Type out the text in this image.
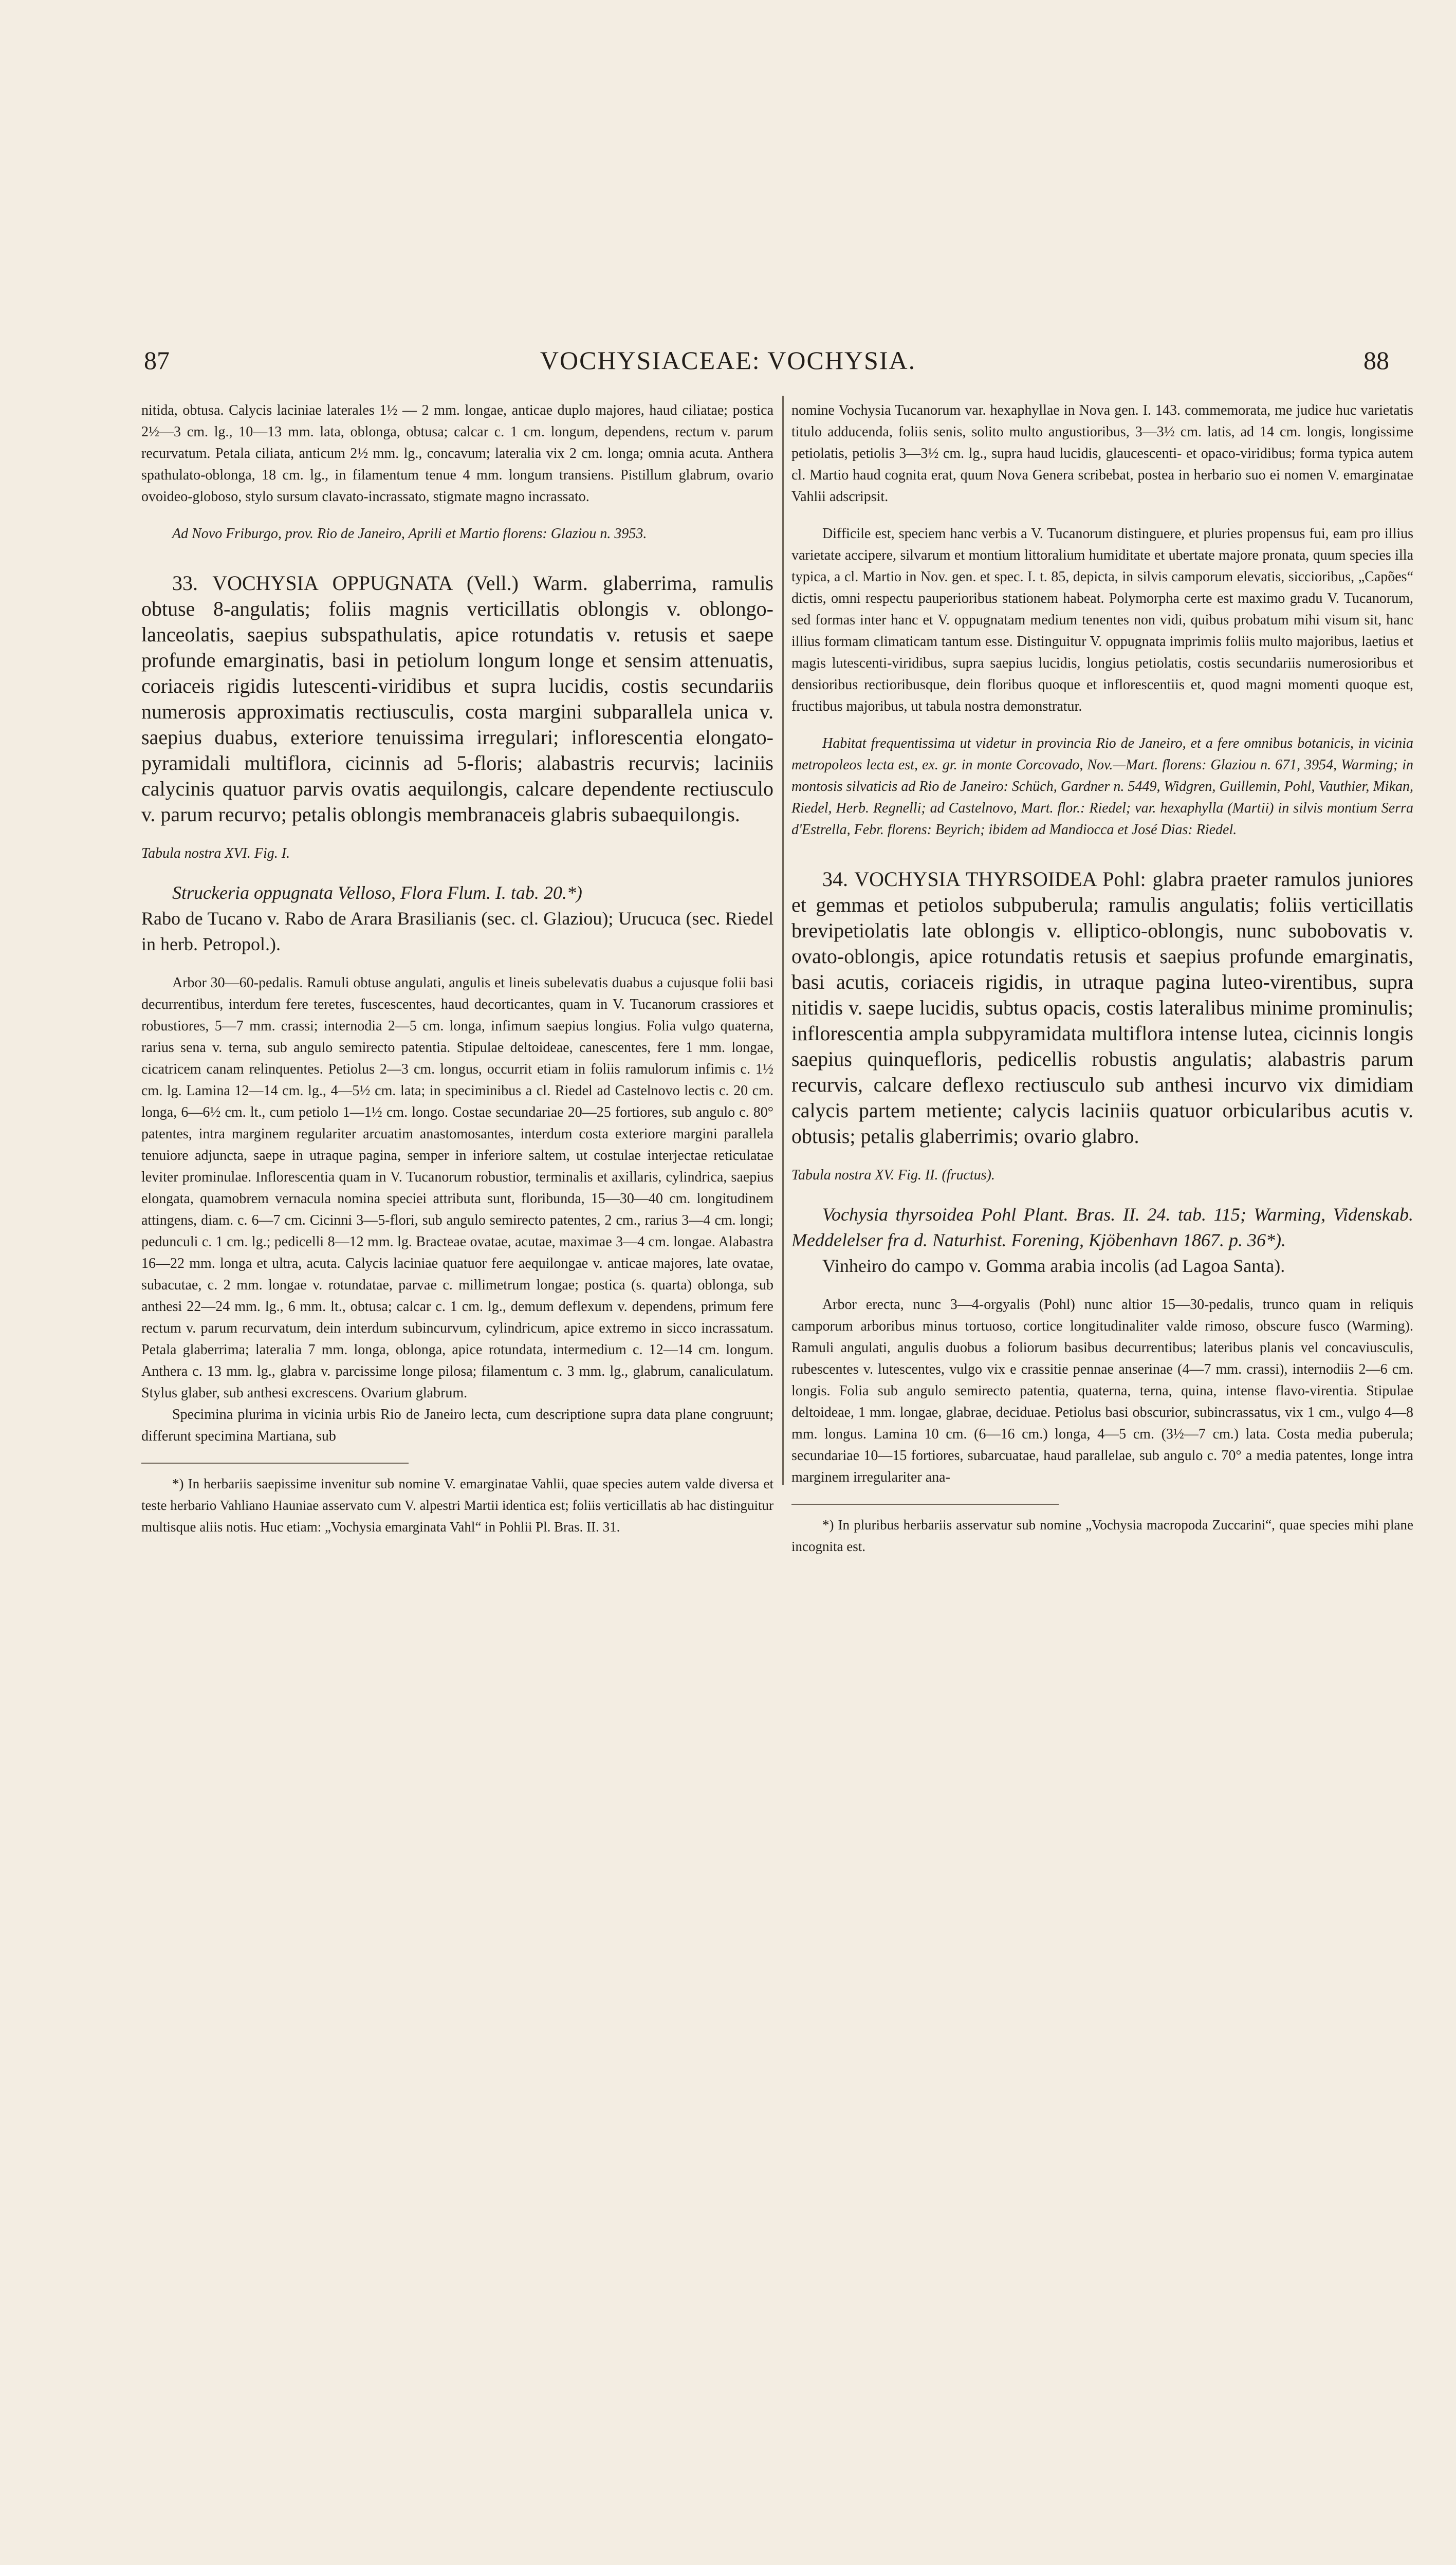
87	VOCHYSIACEAE: VOCHYSIA.	88

nitida, obtusa. Calycis laciniae laterales 1½ — 2 mm. longae, anticae duplo majores, haud ciliatae; postica 2½—3 cm. lg., 10—13 mm. lata, oblonga, obtusa; calcar c. 1 cm. longum, dependens, rectum v. parum recurvatum. Petala ciliata, anticum 2½ mm. lg., concavum; lateralia vix 2 cm. longa; omnia acuta. Anthera spathulato-oblonga, 18 cm. lg., in filamentum tenue 4 mm. longum transiens. Pistillum glabrum, ovario ovoideo-globoso, stylo sursum clavato-incrassato, stigmate magno incrassato.

Ad Novo Friburgo, prov. Rio de Janeiro, Aprili et Martio florens: Glaziou n. 3953.

33. VOCHYSIA OPPUGNATA (Vell.) Warm. glaberrima, ramulis obtuse 8-angulatis; foliis magnis verticillatis oblongis v. oblongo-lanceolatis, saepius subspathulatis, apice rotundatis v. retusis et saepe profunde emarginatis, basi in petiolum longum longe et sensim attenuatis, coriaceis rigidis lutescenti-viridibus et supra lucidis, costis secundariis numerosis approximatis rectiusculis, costa margini subparallela unica v. saepius duabus, exteriore tenuissima irregulari; inflorescentia elongato-pyramidali multiflora, cicinnis ad 5-floris; alabastris recurvis; laciniis calycinis quatuor parvis ovatis aequilongis, calcare dependente rectiusculo v. parum recurvo; petalis oblongis membranaceis glabris subaequilongis.

Tabula nostra XVI. Fig. I.

Struckeria oppugnata Velloso, Flora Flum. I. tab. 20.*)

Rabo de Tucano v. Rabo de Arara Brasilianis (sec. cl. Glaziou); Urucuca (sec. Riedel in herb. Petropol.).

Arbor 30—60-pedalis. Ramuli obtuse angulati, angulis et lineis subelevatis duabus a cujusque folii basi decurrentibus, interdum fere teretes, fuscescentes, haud decorticantes, quam in V. Tucanorum crassiores et robustiores, 5—7 mm. crassi; internodia 2—5 cm. longa, infimum saepius longius. Folia vulgo quaterna, rarius sena v. terna, sub angulo semirecto patentia. Stipulae deltoideae, canescentes, fere 1 mm. longae, cicatricem canam relinquentes. Petiolus 2—3 cm. longus, occurrit etiam in foliis ramulorum infimis c. 1½ cm. lg. Lamina 12—14 cm. lg., 4—5½ cm. lata; in speciminibus a cl. Riedel ad Castelnovo lectis c. 20 cm. longa, 6—6½ cm. lt., cum petiolo 1—1½ cm. longo. Costae secundariae 20—25 fortiores, sub angulo c. 80° patentes, intra marginem regulariter arcuatim anastomosantes, interdum costa exteriore margini parallela tenuiore adjuncta, saepe in utraque pagina, semper in inferiore saltem, ut costulae interjectae reticulatae leviter prominulae. Inflorescentia quam in V. Tucanorum robustior, terminalis et axillaris, cylindrica, saepius elongata, quamobrem vernacula nomina speciei attributa sunt, floribunda, 15—30—40 cm. longitudinem attingens, diam. c. 6—7 cm. Cicinni 3—5-flori, sub angulo semirecto patentes, 2 cm., rarius 3—4 cm. longi; pedunculi c. 1 cm. lg.; pedicelli 8—12 mm. lg. Bracteae ovatae, acutae, maximae 3—4 cm. longae. Alabastra 16—22 mm. longa et ultra, acuta. Calycis laciniae quatuor fere aequilongae v. anticae majores, late ovatae, subacutae, c. 2 mm. longae v. rotundatae, parvae c. millimetrum longae; postica (s. quarta) oblonga, sub anthesi 22—24 mm. lg., 6 mm. lt., obtusa; calcar c. 1 cm. lg., demum deflexum v. dependens, primum fere rectum v. parum recurvatum, dein interdum subincurvum, cylindricum, apice extremo in sicco incrassatum. Petala glaberrima; lateralia 7 mm. longa, oblonga, apice rotundata, intermedium c. 12—14 cm. longum. Anthera c. 13 mm. lg., glabra v. parcissime longe pilosa; filamentum c. 3 mm. lg., glabrum, canaliculatum. Stylus glaber, sub anthesi excrescens. Ovarium glabrum.

Specimina plurima in vicinia urbis Rio de Janeiro lecta, cum descriptione supra data plane congruunt; differunt specimina Martiana, sub

*) In herbariis saepissime invenitur sub nomine V. emarginatae Vahlii, quae species autem valde diversa et teste herbario Vahliano Hauniae asservato cum V. alpestri Martii identica est; foliis verticillatis ab hac distinguitur multisque aliis notis. Huc etiam: „Vochysia emarginata Vahl“ in Pohlii Pl. Bras. II. 31.

nomine Vochysia Tucanorum var. hexaphyllae in Nova gen. I. 143. commemorata, me judice huc varietatis titulo adducenda, foliis senis, solito multo angustioribus, 3—3½ cm. latis, ad 14 cm. longis, longissime petiolatis, petiolis 3—3½ cm. lg., supra haud lucidis, glaucescenti- et opaco-viridibus; forma typica autem cl. Martio haud cognita erat, quum Nova Genera scribebat, postea in herbario suo ei nomen V. emarginatae Vahlii adscripsit.

Difficile est, speciem hanc verbis a V. Tucanorum distinguere, et pluries propensus fui, eam pro illius varietate accipere, silvarum et montium littoralium humiditate et ubertate majore pronata, quum species illa typica, a cl. Martio in Nov. gen. et spec. I. t. 85, depicta, in silvis camporum elevatis, siccioribus, „Capões“ dictis, omni respectu pauperioribus stationem habeat. Polymorpha certe est maximo gradu V. Tucanorum, sed formas inter hanc et V. oppugnatam medium tenentes non vidi, quibus probatum mihi visum sit, hanc illius formam climaticam tantum esse. Distinguitur V. oppugnata imprimis foliis multo majoribus, laetius et magis lutescenti-viridibus, supra saepius lucidis, longius petiolatis, costis secundariis numerosioribus et densioribus rectioribusque, dein floribus quoque et inflorescentiis et, quod magni momenti quoque est, fructibus majoribus, ut tabula nostra demonstratur.

Habitat frequentissima ut videtur in provincia Rio de Janeiro, et a fere omnibus botanicis, in vicinia metropoleos lecta est, ex. gr. in monte Corcovado, Nov.—Mart. florens: Glaziou n. 671, 3954, Warming; in montosis silvaticis ad Rio de Janeiro: Schüch, Gardner n. 5449, Widgren, Guillemin, Pohl, Vauthier, Mikan, Riedel, Herb. Regnelli; ad Castelnovo, Mart. flor.: Riedel; var. hexaphylla (Martii) in silvis montium Serra d'Estrella, Febr. florens: Beyrich; ibidem ad Mandiocca et José Dias: Riedel.

34. VOCHYSIA THYRSOIDEA Pohl: glabra praeter ramulos juniores et gemmas et petiolos subpuberula; ramulis angulatis; foliis verticillatis brevipetiolatis late oblongis v. elliptico-oblongis, nunc subobovatis v. ovato-oblongis, apice rotundatis retusis et saepius profunde emarginatis, basi acutis, coriaceis rigidis, in utraque pagina luteo-virentibus, supra nitidis v. saepe lucidis, subtus opacis, costis lateralibus minime prominulis; inflorescentia ampla subpyramidata multiflora intense lutea, cicinnis longis saepius quinquefloris, pedicellis robustis angulatis; alabastris parum recurvis, calcare deflexo rectiusculo sub anthesi incurvo vix dimidiam calycis partem metiente; calycis laciniis quatuor orbicularibus acutis v. obtusis; petalis glaberrimis; ovario glabro.

Tabula nostra XV. Fig. II. (fructus).

Vochysia thyrsoidea Pohl Plant. Bras. II. 24. tab. 115; Warming, Videnskab. Meddelelser fra d. Naturhist. Forening, Kjöbenhavn 1867. p. 36*).

Vinheiro do campo v. Gomma arabia incolis (ad Lagoa Santa).

Arbor erecta, nunc 3—4-orgyalis (Pohl) nunc altior 15—30-pedalis, trunco quam in reliquis camporum arboribus minus tortuoso, cortice longitudinaliter valde rimoso, obscure fusco (Warming). Ramuli angulati, angulis duobus a foliorum basibus decurrentibus; lateribus planis vel concaviusculis, rubescentes v. lutescentes, vulgo vix e crassitie pennae anserinae (4—7 mm. crassi), internodiis 2—6 cm. longis. Folia sub angulo semirecto patentia, quaterna, terna, quina, intense flavo-virentia. Stipulae deltoideae, 1 mm. longae, glabrae, deciduae. Petiolus basi obscurior, subincrassatus, vix 1 cm., vulgo 4—8 mm. longus. Lamina 10 cm. (6—16 cm.) longa, 4—5 cm. (3½—7 cm.) lata. Costa media puberula; secundariae 10—15 fortiores, subarcuatae, haud parallelae, sub angulo c. 70° a media patentes, longe intra marginem irregulariter ana-

*) In pluribus herbariis asservatur sub nomine „Vochysia macropoda Zuccarini“, quae species mihi plane incognita est.
